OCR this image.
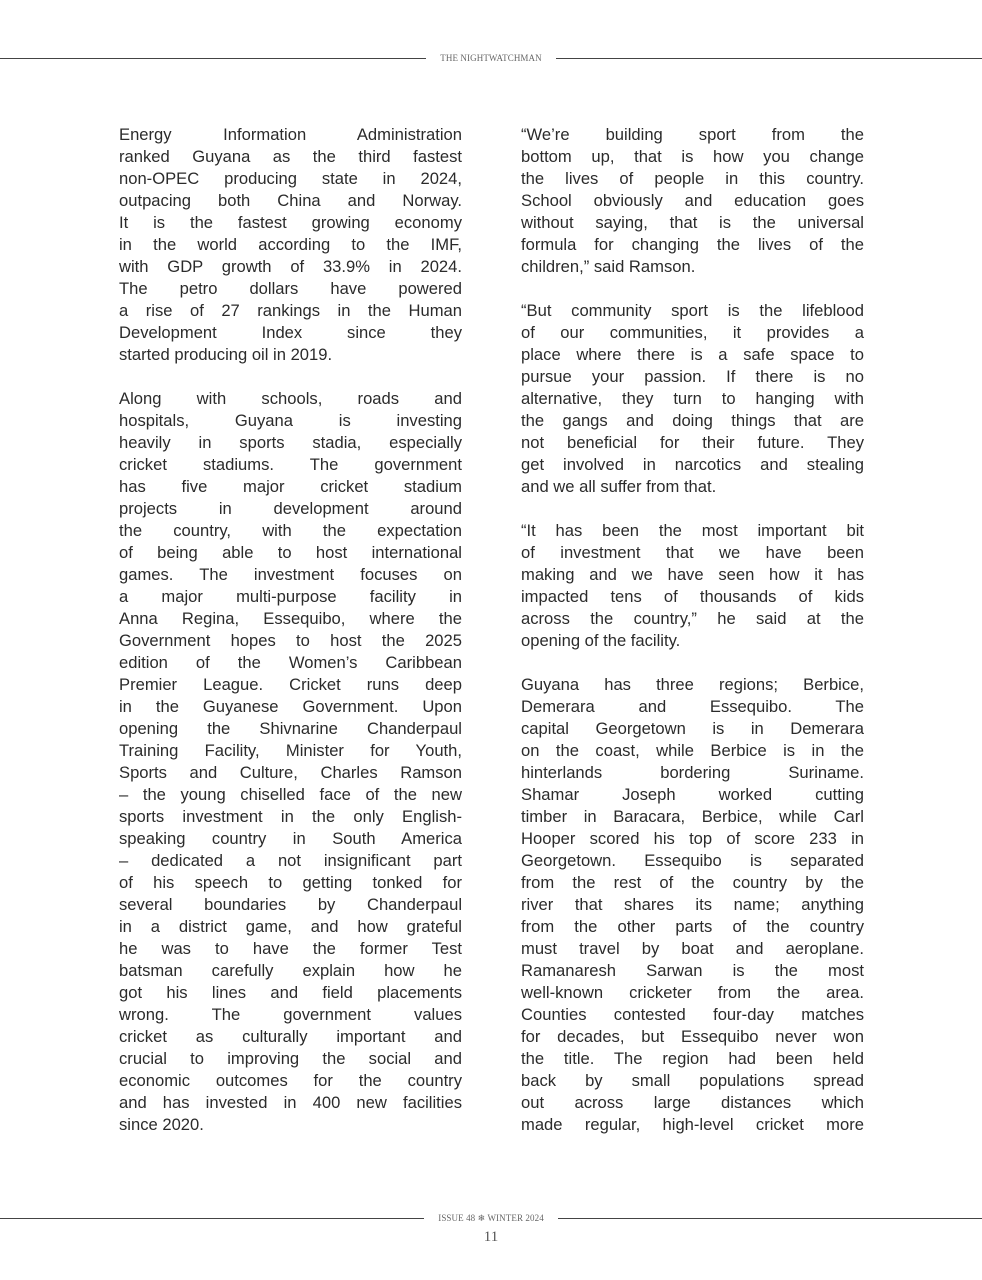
THE NIGHTWATCHMAN
Energy Information Administration
ranked Guyana as the third fastest
non-OPEC producing state in 2024,
outpacing both China and Norway.
It is the fastest growing economy
in the world according to the IMF,
with GDP growth of 33.9% in 2024.
The petro dollars have powered
a rise of 27 rankings in the Human
Development Index since they
started producing oil in 2019.
Along with schools, roads and
hospitals, Guyana is investing
heavily in sports stadia, especially
cricket stadiums. The government
has five major cricket stadium
projects in development around
the country, with the expectation
of being able to host international
games. The investment focuses on
a major multi-purpose facility in
Anna Regina, Essequibo, where the
Government hopes to host the 2025
edition of the Women’s Caribbean
Premier League. Cricket runs deep
in the Guyanese Government. Upon
opening the Shivnarine Chanderpaul
Training Facility, Minister for Youth,
Sports and Culture, Charles Ramson
– the young chiselled face of the new
sports investment in the only English-
speaking country in South America
– dedicated a not insignificant part
of his speech to getting tonked for
several boundaries by Chanderpaul
in a district game, and how grateful
he was to have the former Test
batsman carefully explain how he
got his lines and field placements
wrong. The government values
cricket as culturally important and
crucial to improving the social and
economic outcomes for the country
and has invested in 400 new facilities
since 2020.
“We’re building sport from the
bottom up, that is how you change
the lives of people in this country.
School obviously and education goes
without saying, that is the universal
formula for changing the lives of the
children,” said Ramson.
“But community sport is the lifeblood
of our communities, it provides a
place where there is a safe space to
pursue your passion. If there is no
alternative, they turn to hanging with
the gangs and doing things that are
not beneficial for their future. They
get involved in narcotics and stealing
and we all suffer from that.
“It has been the most important bit
of investment that we have been
making and we have seen how it has
impacted tens of thousands of kids
across the country,” he said at the
opening of the facility.
Guyana has three regions; Berbice,
Demerara and Essequibo. The
capital Georgetown is in Demerara
on the coast, while Berbice is in the
hinterlands bordering Suriname.
Shamar Joseph worked cutting
timber in Baracara, Berbice, while Carl
Hooper scored his top of score 233 in
Georgetown. Essequibo is separated
from the rest of the country by the
river that shares its name; anything
from the other parts of the country
must travel by boat and aeroplane.
Ramanaresh Sarwan is the most
well-known cricketer from the area.
Counties contested four-day matches
for decades, but Essequibo never won
the title. The region had been held
back by small populations spread
out across large distances which
made regular, high-level cricket more
ISSUE 48 ❄ WINTER 2024
11
